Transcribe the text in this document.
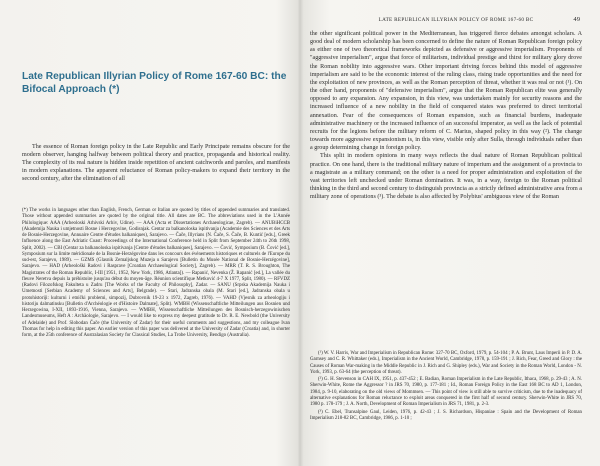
Late Republican Illyrian Policy of Rome 167-60 BC: the Bifocal Approach (*)
The essence of Roman foreign policy in the Late Republic and Early Principate remains obscure for the modern observer, hanging halfway between political theory and practice, propaganda and historical reality. The complexity of its real nature is hidden inside repetition of ancient catchwords and paroles, and manifests in modern explanations. The apparent reluctance of Roman policy-makers to expand their territory in the second century, after the elimination of all

(*) The works in languages other than English, French, German or Italian are quoted by titles of appended summaries and translated. Those without appended summaries are quoted by the original title. All dates are BC. The abbreviations used in the L'Année Philologique: AAA (Arheoloski Arhivski Arhiv, Udine). — AAA (Acta et Dissertationes Archaeologicae, Zagreb). — ANUBiHCCB (Akademija Nauka i umjetnosti Bosne i Hercegovine, Godisnjak. Centar za balkanoloska ispitivanja (Academie des Sciences et des Arts de Bosnie-Herzegovine, Annuaire Centre d'études balkaniques), Sarajevo. — Čače, Illyrians (N. Čače, S. Čače, B. Kuntić [eds.], Greek Influence along the East Adriatic Coast: Proceedings of the International Conference held in Split from September 24th to 26th 1998, Split, 2002). — CBI (Centar za balkanoloska ispitivanja [Centre d'études balkaniques], Sarajevo. — Čović, Symposium (B. Čović [ed.], Symposium sur la limite méridionale de la Bosnie-Herzégovine dans les concours des événements historiques et culturels de l'Europe du sud-est, Sarajevo, 1989). — GZMS (Glasnik Zemaljskog Muzeja u Sarajevu [Bulletin du Musée National de Bosnie-Herzégovine], Sarajevo. — HAD (Arheološki Radovi i Rasprave [Croatian Archaeological Society], Zagreb). — MRR (T. R. S. Broughton, The Magistrates of the Roman Republic, I-III [1951, 1952, New York, 1986, Atlanta]). — Rapanić, Nevenka (Ž. Rapanić [ed.], La vallée du fleuve Neretva depuis la préhistoire jusqu'au début du moyen-âge. Réunion scientifique Metković 4-7 X 1977, Split, 1980). — RFVDZ (Radovi Filozofskog Fakulteta u Zadru [The Works of the Faculty of Philosophy], Zadar. — SANU (Srpska Akademija Nauka i Umetnosti [Serbian Academy of Sciences and Arts], Belgrade). — Stari, Jadranska obala (M. Stari [ed.], Jadranska obala u protohistoriji: kulturni i etnički problemi, simpozij, Dubrovnik 19-23 x 1972, Zagreb, 1976). — VAHD (Vjesnik za arheologiju i historiju dalmatinsku [Bulletin d'Archéologie et d'Histoire Dalmate], Split). WMBH (Wissenschaftliche Mitteilungen aus Bosnien und Herzegowina, I-XII, 1893-1916, Vienna, Sarajevo. — WMBH, Wissenschaftliche Mitteilungen des Bosnisch-herzegowinischen Landesmuseums, Heft A : Archäologie, Sarajevo. — I would like to express my deepest gratitude to Dr. R. E. Newbold (the University of Adelaide) and Prof. Slobodan Čače (the University of Zadar) for their useful comments and suggestions, and my colleague Ivan Thomas for help in editing this paper. An earlier version of this paper was delivered at the University of Zadar (Croatia) and, in shorter form, at the 25th conference of Australasian Society for Classical Studies, La Trobe University, Bendigo (Australia).

LATE REPUBLICAN ILLYRIAN POLICY OF ROME 167-60 BC	49

the other significant political power in the Mediterranean, has triggered fierce debates amongst scholars. A good deal of modern scholarship has been concerned to define the nature of Roman Republican foreign policy as either one of two theoretical frameworks depicted as defensive or aggressive imperialism. Proponents of "aggressive imperialism", argue that force of militarism, individual prestige and thirst for military glory drove the Roman nobility into aggressive wars. Other important driving forces behind this model of aggressive imperialism are said to be the economic interest of the ruling class, rising trade opportunities and the need for the exploitation of new provinces, as well as the Roman perception of threat, whether it was real or not (¹). On the other hand, proponents of "defensive imperialism", argue that the Roman Republican elite was generally opposed to any expansion. Any expansion, in this view, was undertaken mainly for security reasons and the increased influence of a new nobility in the field of conquered states was preferred to direct territorial annexation. Fear of the consequences of Roman expansion, such as financial burdens, inadequate administrative machinery or the increased influence of an successful imperator, as well as the lack of potential recruits for the legions before the military reform of C. Marius, shaped policy in this way (²). The change towards more aggressive expansionism is, in this view, visible only after Sulla, through individuals rather than a group determining change in foreign policy.

This split in modern opinions in many ways reflects the dual nature of Roman Republican political practice. On one hand, there is the traditional military nature of imperium and the assignment of a provincia to a magistrate as a military command; on the other is a need for proper administration and exploitation of the vast territories left unchecked under Roman domination. It was, in a way, foreign to the Roman political thinking in the third and second century to distinguish provincia as a strictly defined administrative area from a military zone of operations (³). The debate is also affected by Polybius' ambiguous view of the Roman

(¹) W. V. Harris, War and Imperialism in Republican Rome: 327-70 BC, Oxford, 1979, p. 54-104 ; P. A. Brunt, Laus Imperii in P. D. A. Garnsey and C. R. Whittaker (eds.), Imperialism in the Ancient World, Cambridge, 1978, p. 159-191 ; J. Rich, Fear, Greed and Glory : the Causes of Roman War-making in the Middle Republic in J. Rich and G. Shipley (eds.), War and Society in the Roman World, London - N. York, 1993, p. 63-64 (the perception of threat).

(²) G. H. Stevenson in CAH IX, 1951, p. 437-452 ; E. Badian, Roman Imperialism in the Late Republic, Ithaca, 1968, p. 29-43 ; A. N. Sherwin-White, Rome the Aggressor ? in JRS 70, 1980, p. 177-181 ; Id., Roman Foreign Policy in the East 168 BC to AD 1, London, 1984, p. 9-10, elaborating on the old views of Mommsen. — This point of view is still able to survive criticism, due to the inadequacy of alternative explanations for Roman reluctance to exploit areas conquered in the first half of second century. Sherwin-White in JRS 70, 1980 p. 178-179 ; J. A. North, Development of Roman Imperialism in JRS 71, 1981, p. 2-3.

(³) C. Ebel, Transalpine Gaul, Leiden, 1976, p. 42-43 ; J. S. Richardson, Hispaniae : Spain and the Development of Roman Imperialism 218-82 BC, Cambridge, 1986, p. 1-10 ;
